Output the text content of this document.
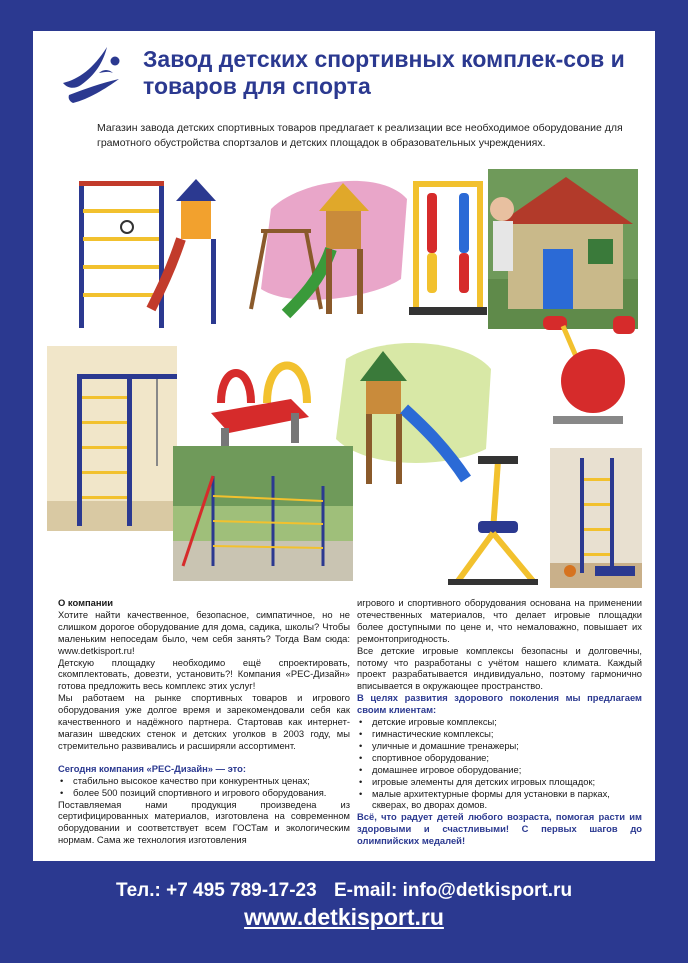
Завод детских спортивных комплек-сов и товаров для спорта

Магазин завода детских спортивных товаров предлагает к реализации все необходимое оборудование для грамотного обустройства спортзалов и детских площадок в образовательных учреждениях.

О компании

Хотите найти качественное, безопасное, симпатичное, но не слишком дорогое оборудование для дома, садика, школы? Чтобы маленьким непоседам было, чем себя занять? Тогда Вам сюда: www.detkisport.ru!

Детскую площадку необходимо ещё спроектировать, скомплектовать, довезти, установить?! Компания «РЕС-Дизайн» готова предложить весь комплекс этих услуг!

Мы работаем на рынке спортивных товаров и игрового оборудования уже долгое время и зарекомендовали себя как качественного и надёжного партнера. Стартовав как интернет-магазин шведских стенок и детских уголков в 2003 году, мы стремительно развивались и расширяли ассортимент.

Сегодня компания «РЕС-Дизайн» — это:

• стабильно высокое качество при конкурентных ценах;
• более 500 позиций спортивного и игрового оборудования.

Поставляемая нами продукция произведена из сертифицированных материалов, изготовлена на современном оборудовании и соответствует всем ГОСТам и экологическим нормам. Сама же технология изготовления

игрового и спортивного оборудования основана на применении отечественных материалов, что делает игровые площадки более доступными по цене и, что немаловажно, повышает их ремонтопригодность.

Все детские игровые комплексы безопасны и долговечны, потому что разработаны с учётом нашего климата. Каждый проект разрабатывается индивидуально, поэтому гармонично вписывается в окружающее пространство.

В целях развития здорового поколения мы предлагаем своим клиентам:

• детские игровые комплексы;
• гимнастические комплексы;
• уличные и домашние тренажеры;
• спортивное оборудование;
• домашнее игровое оборудование;
• игровые элементы для детских игровых площадок;
• малые архитектурные формы для установки в парках, скверах, во дворах домов.

Всё, что радует детей любого возраста, помогая расти им здоровыми и счастливыми! С первых шагов до олимпийских медалей!

Тел.: +7 495 789-17-23 E-mail: info@detkisport.ru
www.detkisport.ru
